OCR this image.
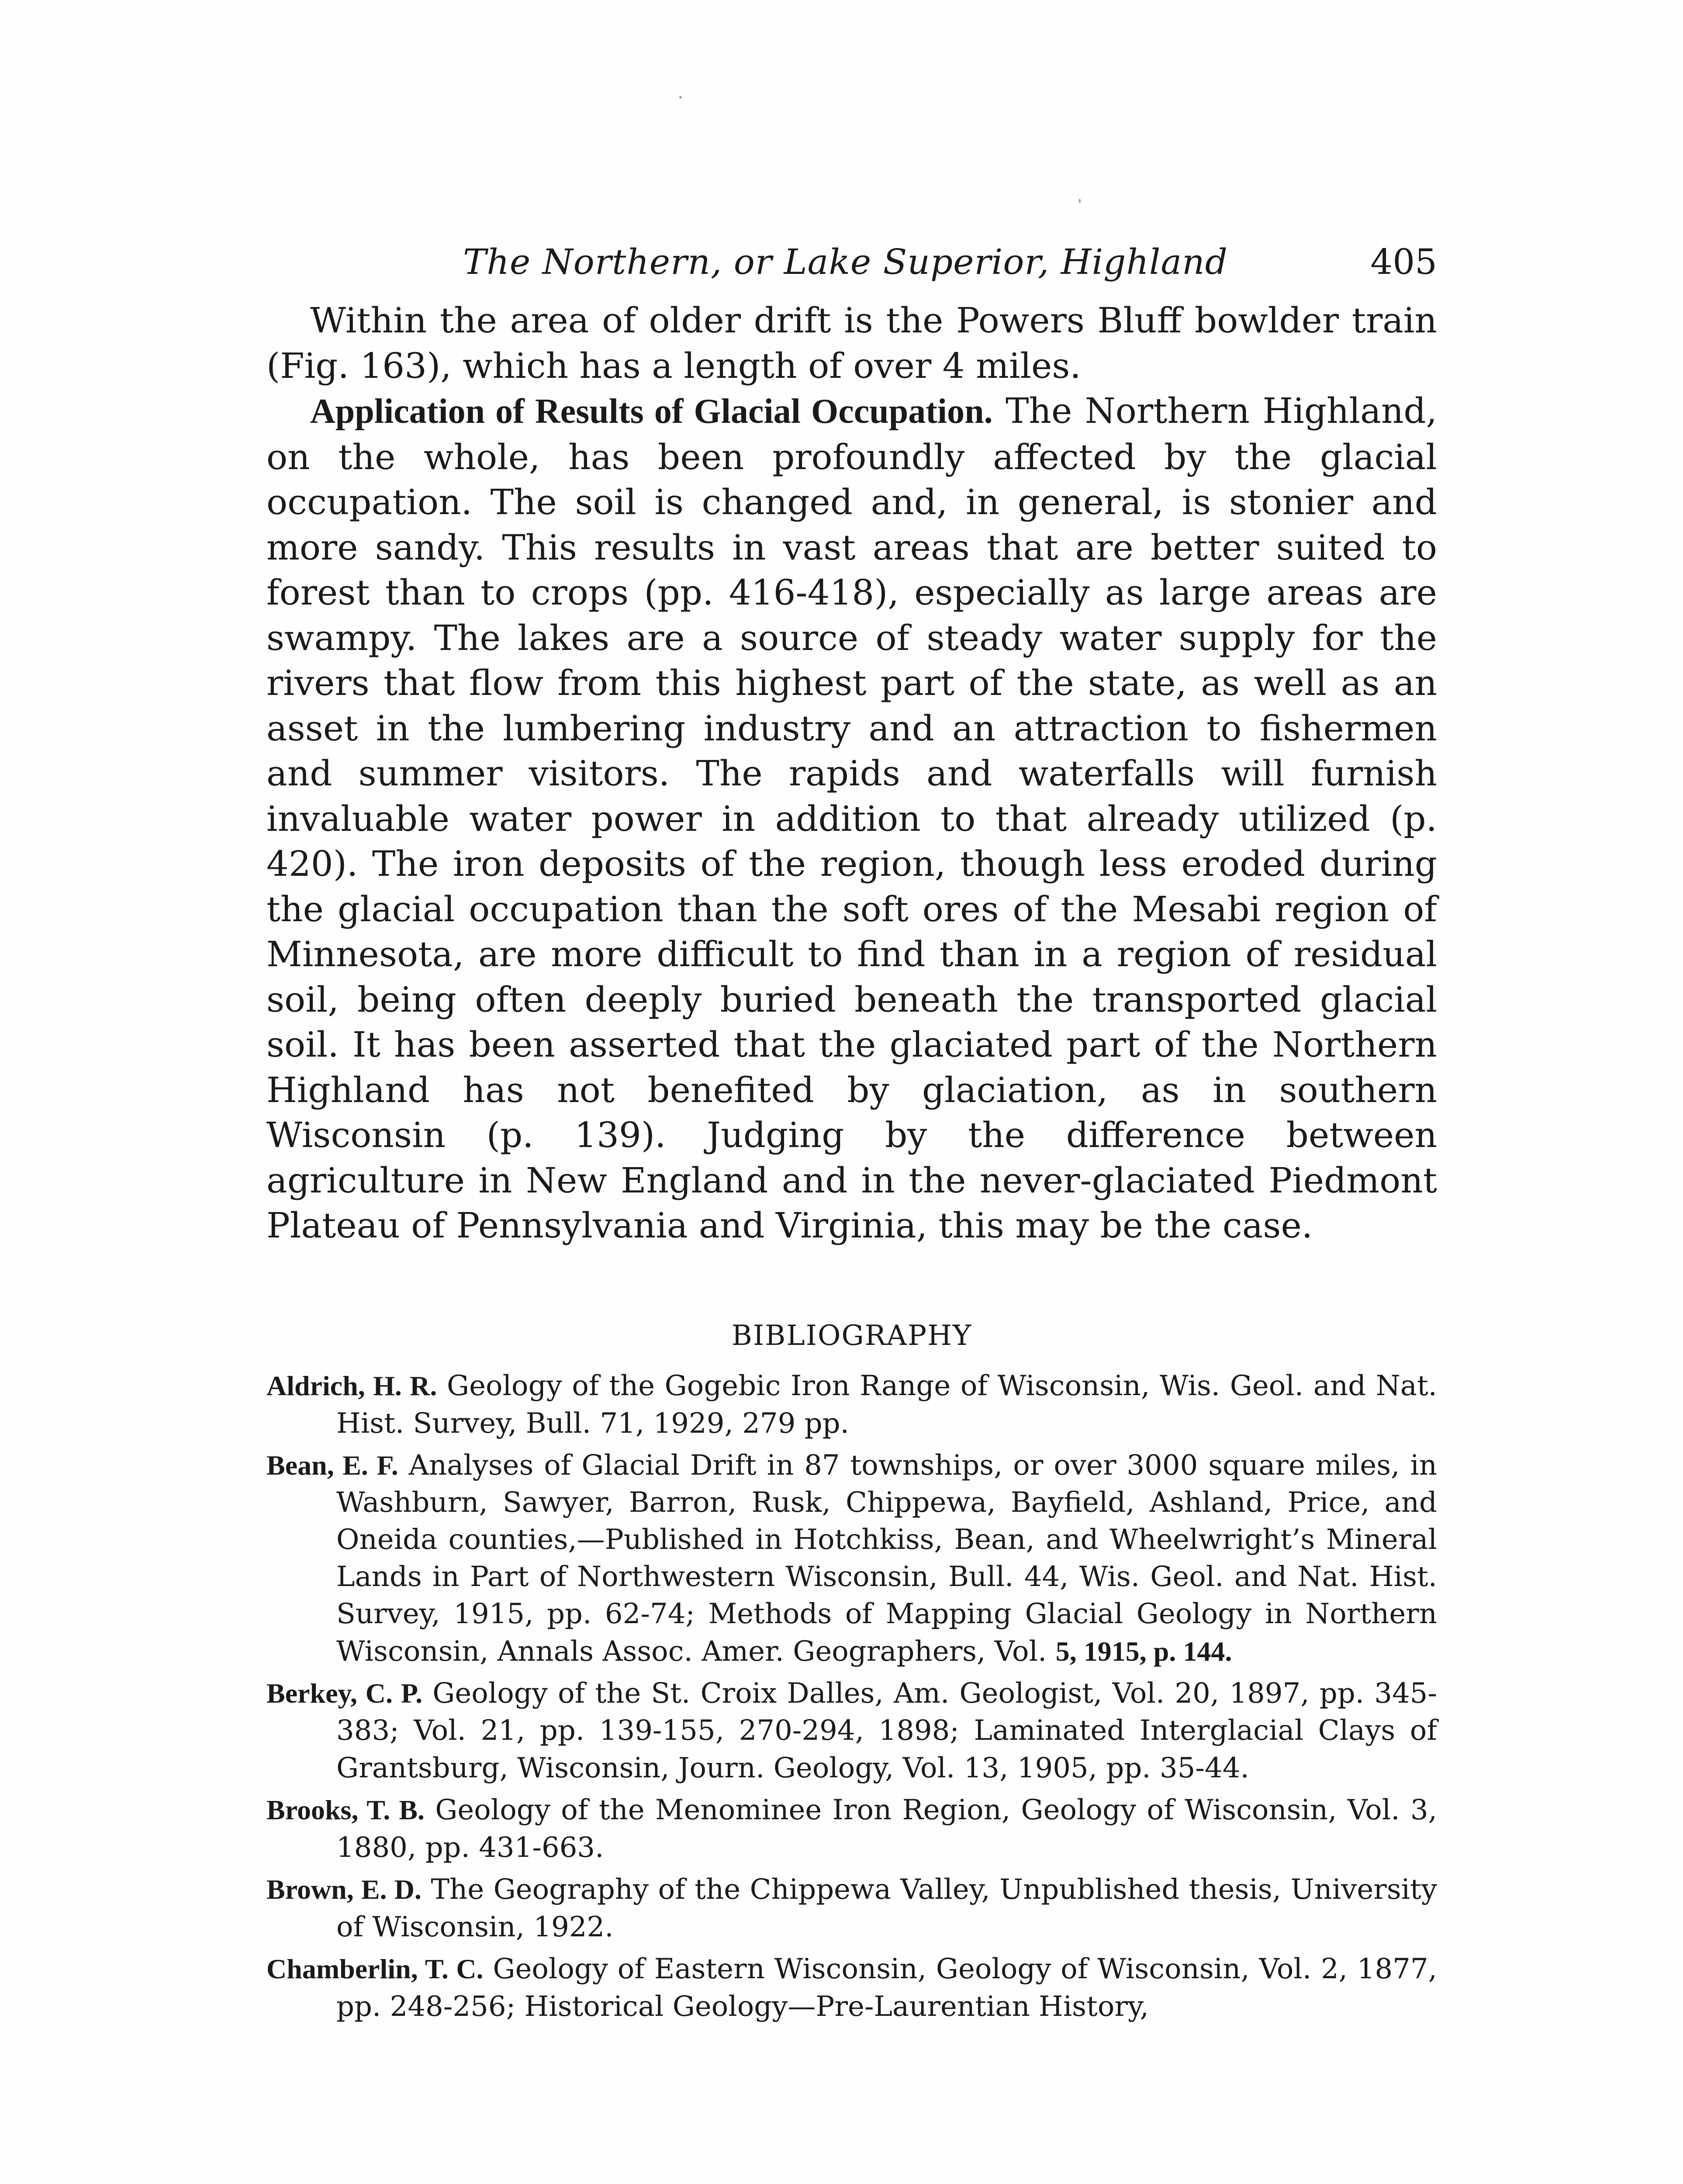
The Northern, or Lake Superior, Highland	405

Within the area of older drift is the Powers Bluff bowlder train (Fig. 163), which has a length of over 4 miles.

Application of Results of Glacial Occupation. The Northern Highland, on the whole, has been profoundly affected by the glacial occupation. The soil is changed and, in general, is stonier and more sandy. This results in vast areas that are better suited to forest than to crops (pp. 416-418), especially as large areas are swampy. The lakes are a source of steady water supply for the rivers that flow from this highest part of the state, as well as an asset in the lumbering industry and an attraction to fishermen and summer visitors. The rapids and waterfalls will furnish invaluable water power in addition to that already utilized (p. 420). The iron deposits of the region, though less eroded during the glacial occupation than the soft ores of the Mesabi region of Minnesota, are more difficult to find than in a region of residual soil, being often deeply buried beneath the transported glacial soil. It has been asserted that the glaciated part of the Northern Highland has not benefited by glaciation, as in southern Wisconsin (p. 139). Judging by the difference between agriculture in New England and in the never-glaciated Piedmont Plateau of Pennsylvania and Virginia, this may be the case.

BIBLIOGRAPHY
Aldrich, H. R. Geology of the Gogebic Iron Range of Wisconsin, Wis. Geol. and Nat. Hist. Survey, Bull. 71, 1929, 279 pp.
Bean, E. F. Analyses of Glacial Drift in 87 townships, or over 3000 square miles, in Washburn, Sawyer, Barron, Rusk, Chippewa, Bayfield, Ashland, Price, and Oneida counties,—Published in Hotchkiss, Bean, and Wheelwright’s Mineral Lands in Part of Northwestern Wisconsin, Bull. 44, Wis. Geol. and Nat. Hist. Survey, 1915, pp. 62-74; Methods of Mapping Glacial Geology in Northern Wisconsin, Annals Assoc. Amer. Geographers, Vol. 5, 1915, p. 144.
Berkey, C. P. Geology of the St. Croix Dalles, Am. Geologist, Vol. 20, 1897, pp. 345-383; Vol. 21, pp. 139-155, 270-294, 1898; Laminated Interglacial Clays of Grantsburg, Wisconsin, Journ. Geology, Vol. 13, 1905, pp. 35-44.
Brooks, T. B. Geology of the Menominee Iron Region, Geology of Wisconsin, Vol. 3, 1880, pp. 431-663.
Brown, E. D. The Geography of the Chippewa Valley, Unpublished thesis, University of Wisconsin, 1922.
Chamberlin, T. C. Geology of Eastern Wisconsin, Geology of Wisconsin, Vol. 2, 1877, pp. 248-256; Historical Geology—Pre-Laurentian History,
